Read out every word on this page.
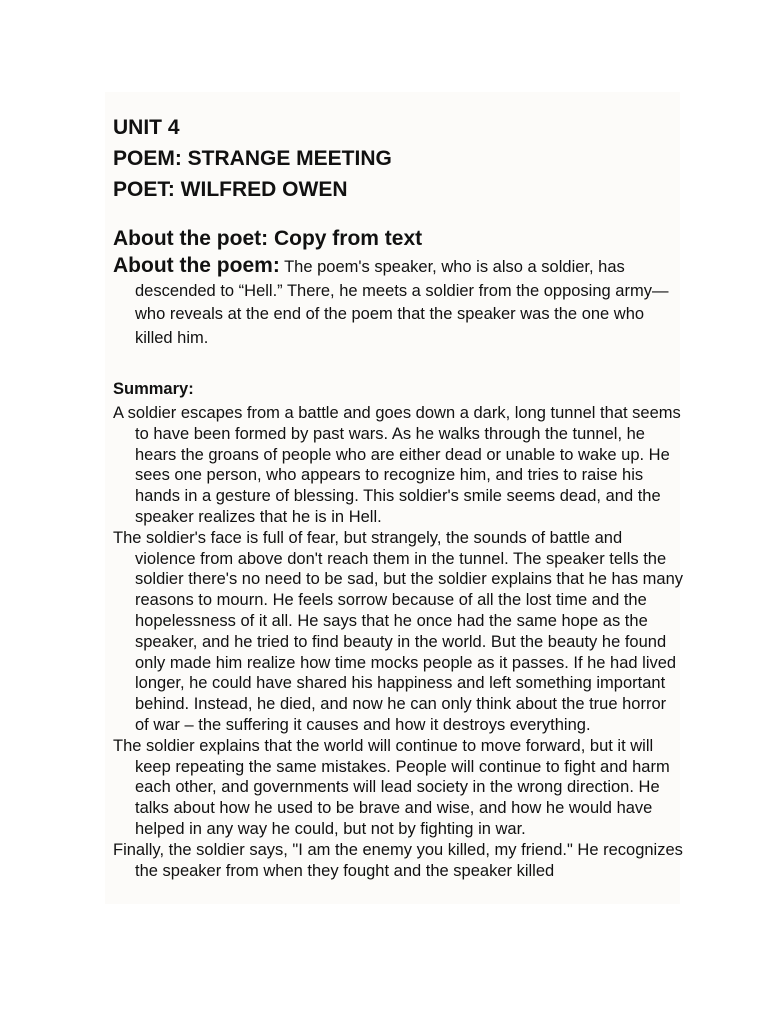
UNIT 4
POEM: STRANGE MEETING
POET: WILFRED OWEN
About the poet: Copy from text

About the poem: The poem's speaker, who is also a soldier, has descended to “Hell.” There, he meets a soldier from the opposing army—who reveals at the end of the poem that the speaker was the one who killed him.

Summary:

A soldier escapes from a battle and goes down a dark, long tunnel that seems to have been formed by past wars. As he walks through the tunnel, he hears the groans of people who are either dead or unable to wake up. He sees one person, who appears to recognize him, and tries to raise his hands in a gesture of blessing. This soldier's smile seems dead, and the speaker realizes that he is in Hell.

The soldier's face is full of fear, but strangely, the sounds of battle and violence from above don't reach them in the tunnel. The speaker tells the soldier there's no need to be sad, but the soldier explains that he has many reasons to mourn. He feels sorrow because of all the lost time and the hopelessness of it all. He says that he once had the same hope as the speaker, and he tried to find beauty in the world. But the beauty he found only made him realize how time mocks people as it passes. If he had lived longer, he could have shared his happiness and left something important behind. Instead, he died, and now he can only think about the true horror of war – the suffering it causes and how it destroys everything.

The soldier explains that the world will continue to move forward, but it will keep repeating the same mistakes. People will continue to fight and harm each other, and governments will lead society in the wrong direction. He talks about how he used to be brave and wise, and how he would have helped in any way he could, but not by fighting in war.

Finally, the soldier says, "I am the enemy you killed, my friend." He recognizes the speaker from when they fought and the speaker killed
